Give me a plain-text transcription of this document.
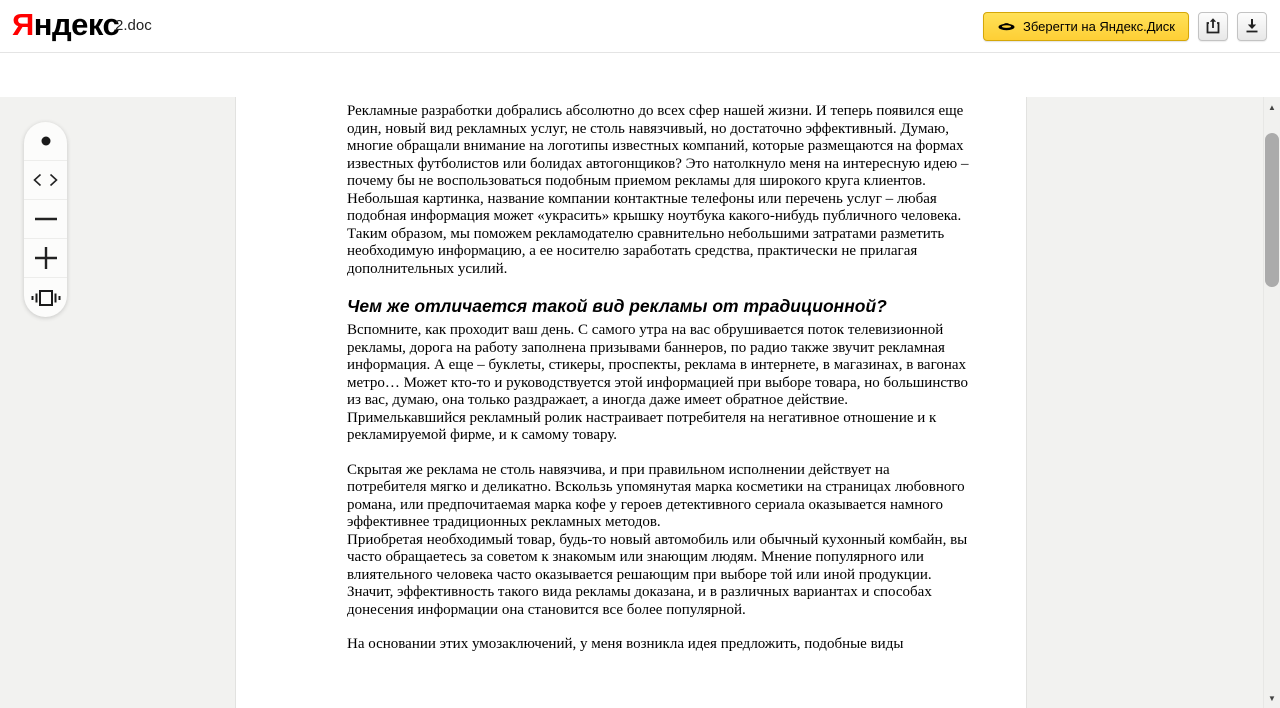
Яндекс
2.doc	Зберегти на Яндекс.Диск

Рекламные разработки добрались абсолютно до всех сфер нашей жизни. И теперь появился еще один, новый вид рекламных услуг, не столь навязчивый, но достаточно эффективный. Думаю, многие обращали внимание на логотипы известных компаний, которые размещаются на формах известных футболистов или болидах автогонщиков? Это натолкнуло меня на интересную идею – почему бы не воспользоваться подобным приемом рекламы для широкого круга клиентов. Небольшая картинка, название компании контактные телефоны или перечень услуг – любая подобная информация может «украсить» крышку ноутбука какого-нибудь публичного человека. Таким образом, мы поможем рекламодателю сравнительно небольшими затратами разметить необходимую информацию, а ее носителю заработать средства, практически не прилагая дополнительных усилий.

Чем же отличается такой вид рекламы от традиционной?

Вспомните, как проходит ваш день. С самого утра на вас обрушивается поток телевизионной рекламы, дорога на работу заполнена призывами баннеров, по радио также звучит рекламная информация. А еще – буклеты, стикеры, проспекты, реклама в интернете, в магазинах, в вагонах метро… Может кто-то и руководствуется этой информацией при выборе товара, но большинство из вас, думаю, она только раздражает, а иногда даже имеет обратное действие. Примелькавшийся рекламный ролик настраивает потребителя на негативное отношение и к рекламируемой фирме, и к самому товару.

Скрытая же реклама не столь навязчива, и при правильном исполнении действует на потребителя мягко и деликатно. Вскользь упомянутая марка косметики на страницах любовного романа, или предпочитаемая марка кофе у героев детективного сериала оказывается намного эффективнее традиционных рекламных методов.

Приобретая необходимый товар, будь-то новый автомобиль или обычный кухонный комбайн, вы часто обращаетесь за советом к знакомым или знающим людям. Мнение популярного или влиятельного человека часто оказывается решающим при выборе той или иной продукции. Значит, эффективность такого вида рекламы доказана, и в различных вариантах и способах донесения информации она становится все более популярной.

На основании этих умозаключений, у меня возникла идея предложить, подобные виды

▲
▼
